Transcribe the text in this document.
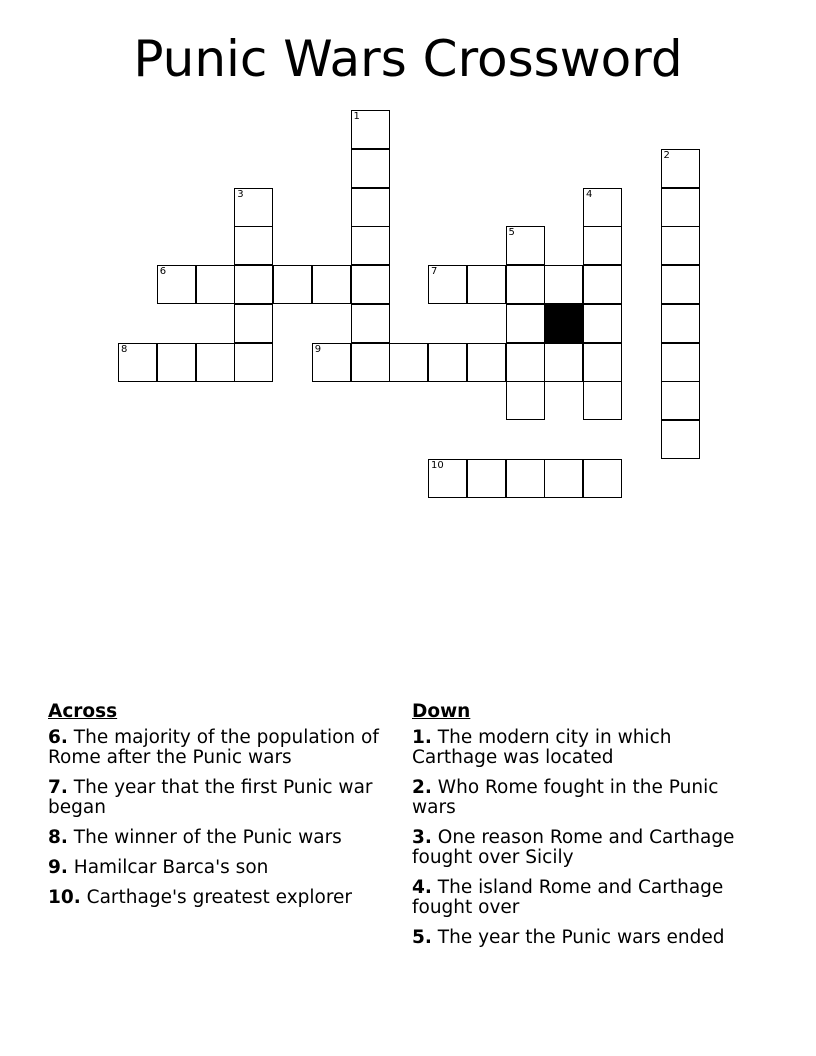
Punic Wars Crossword
1
2
3	4
5
6	7
8	9
10
Across
6. The majority of the population of Rome after the Punic wars
7. The year that the first Punic war began
8. The winner of the Punic wars
9. Hamilcar Barca's son
10. Carthage's greatest explorer
Down
1. The modern city in which Carthage was located
2. Who Rome fought in the Punic wars
3. One reason Rome and Carthage fought over Sicily
4. The island Rome and Carthage fought over
5. The year the Punic wars ended
